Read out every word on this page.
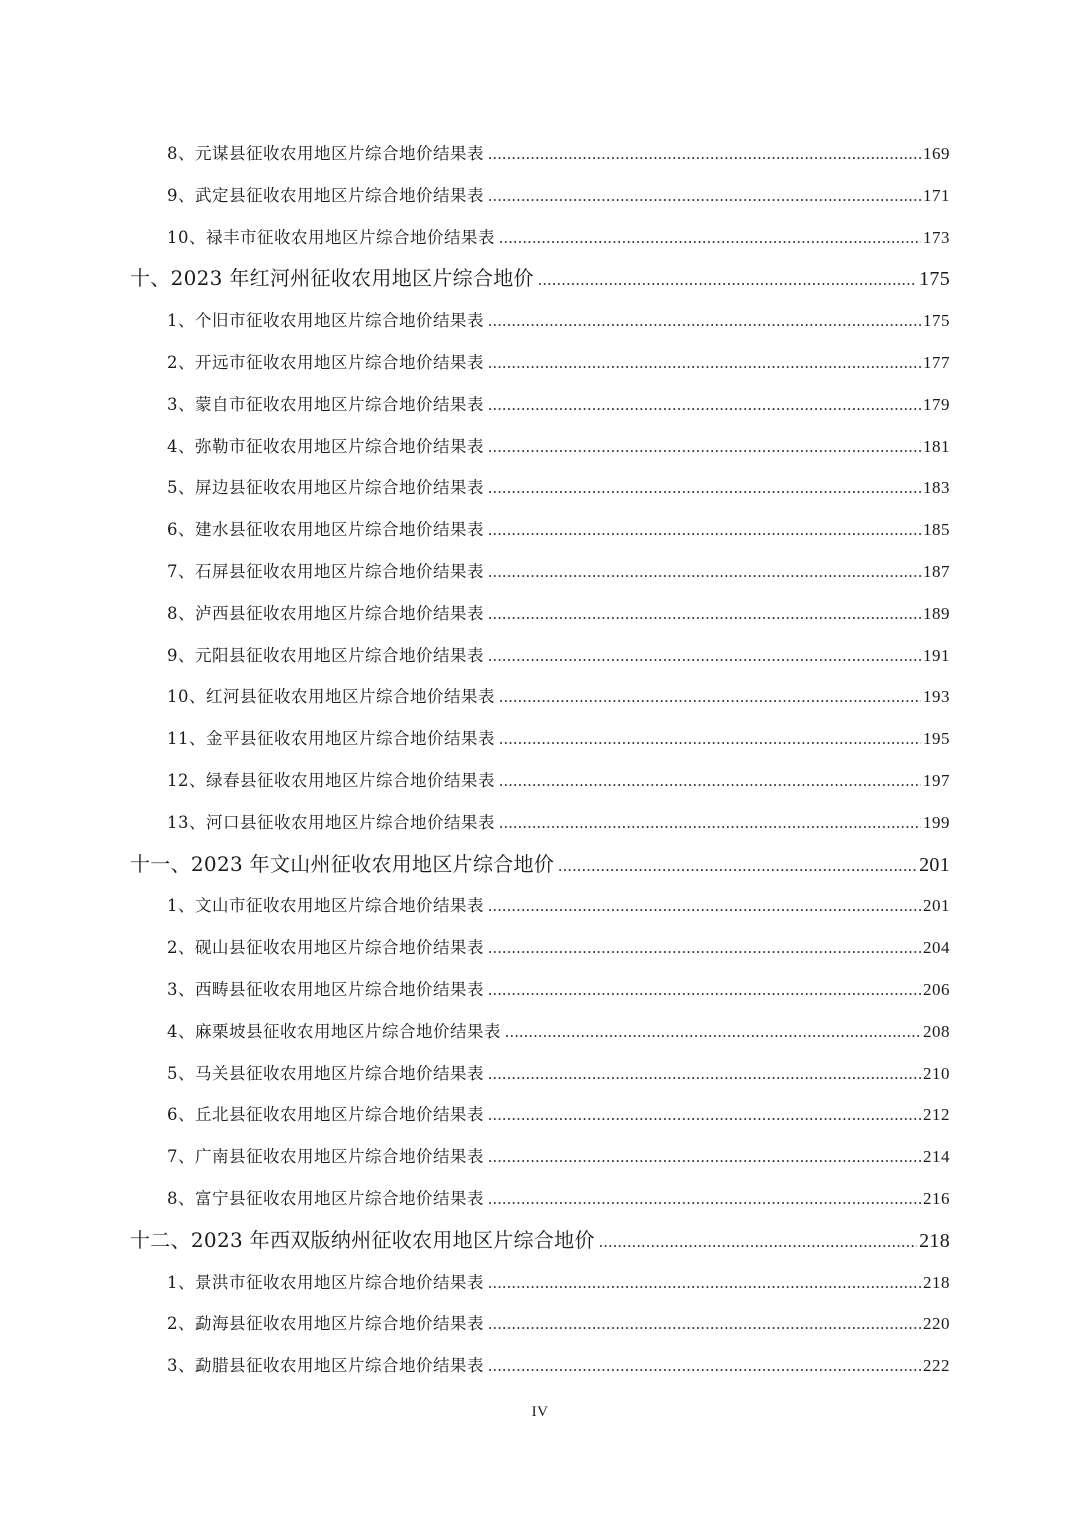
8、元谋县征收农用地区片综合地价结果表 .....	169
9、武定县征收农用地区片综合地价结果表 .....	171
10、禄丰市征收农用地区片综合地价结果表 .....	173
十、2023 年红河州征收农用地区片综合地价 .....	175
1、个旧市征收农用地区片综合地价结果表 .....	175
2、开远市征收农用地区片综合地价结果表 .....	177
3、蒙自市征收农用地区片综合地价结果表 .....	179
4、弥勒市征收农用地区片综合地价结果表 .....	181
5、屏边县征收农用地区片综合地价结果表 .....	183
6、建水县征收农用地区片综合地价结果表 .....	185
7、石屏县征收农用地区片综合地价结果表 .....	187
8、泸西县征收农用地区片综合地价结果表 .....	189
9、元阳县征收农用地区片综合地价结果表 .....	191
10、红河县征收农用地区片综合地价结果表 .....	193
11、金平县征收农用地区片综合地价结果表 .....	195
12、绿春县征收农用地区片综合地价结果表 .....	197
13、河口县征收农用地区片综合地价结果表 .....	199
十一、2023 年文山州征收农用地区片综合地价 .....	201
1、文山市征收农用地区片综合地价结果表 .....	201
2、砚山县征收农用地区片综合地价结果表 .....	204
3、西畴县征收农用地区片综合地价结果表 .....	206
4、麻栗坡县征收农用地区片综合地价结果表 .....	208
5、马关县征收农用地区片综合地价结果表 .....	210
6、丘北县征收农用地区片综合地价结果表 .....	212
7、广南县征收农用地区片综合地价结果表 .....	214
8、富宁县征收农用地区片综合地价结果表 .....	216
十二、2023 年西双版纳州征收农用地区片综合地价 .....	218
1、景洪市征收农用地区片综合地价结果表 .....	218
2、勐海县征收农用地区片综合地价结果表 .....	220
3、勐腊县征收农用地区片综合地价结果表 .....	222
IV
